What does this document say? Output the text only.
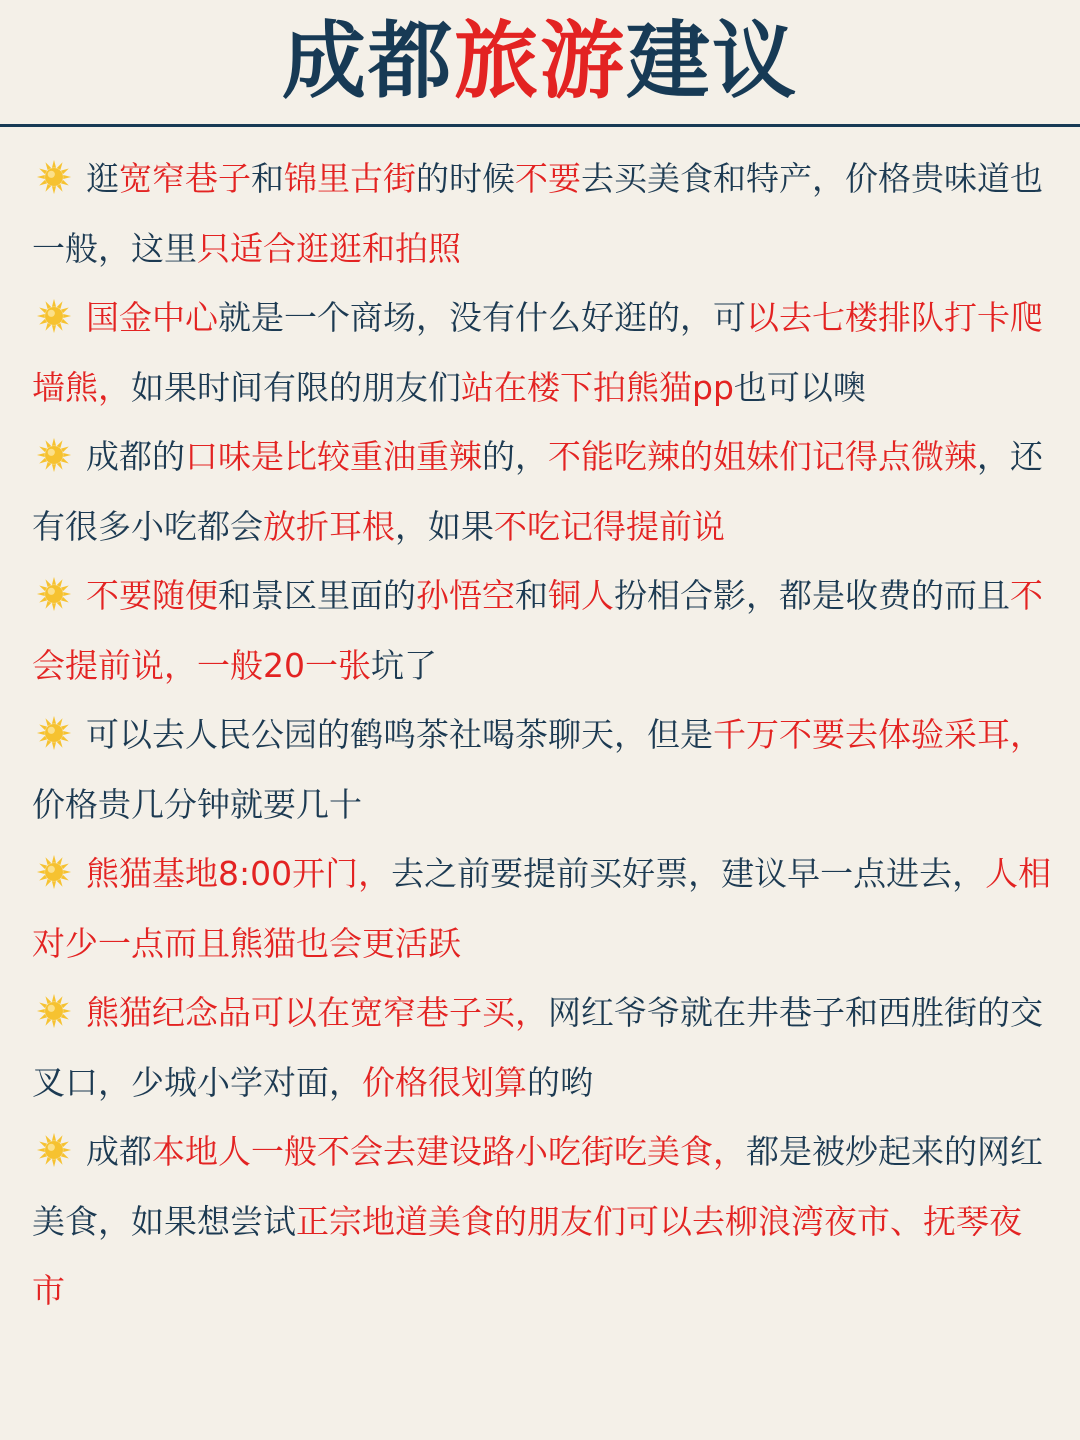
成都 旅游 建议
逛宽窄巷子和锦里古街的时候不要去买美食和特产，价格贵味道也一般，这里只适合逛逛和拍照
国金中心就是一个商场，没有什么好逛的，可以去七楼排队打卡爬墙熊，如果时间有限的朋友们站在楼下拍熊猫pp也可以噢
成都的口味是比较重油重辣的，不能吃辣的姐妹们记得点微辣，还有很多小吃都会放折耳根，如果不吃记得提前说
不要随便和景区里面的孙悟空和铜人扮相合影，都是收费的而且不会提前说，一般20一张坑了
可以去人民公园的鹤鸣茶社喝茶聊天，但是千万不要去体验采耳，价格贵几分钟就要几十
熊猫基地8:00开门，去之前要提前买好票，建议早一点进去，人相对少一点而且熊猫也会更活跃
熊猫纪念品可以在宽窄巷子买，网红爷爷就在井巷子和西胜街的交叉口，少城小学对面，价格很划算的哟
成都本地人一般不会去建设路小吃街吃美食，都是被炒起来的网红美食，如果想尝试正宗地道美食的朋友们可以去柳浪湾夜市、抚琴夜市
